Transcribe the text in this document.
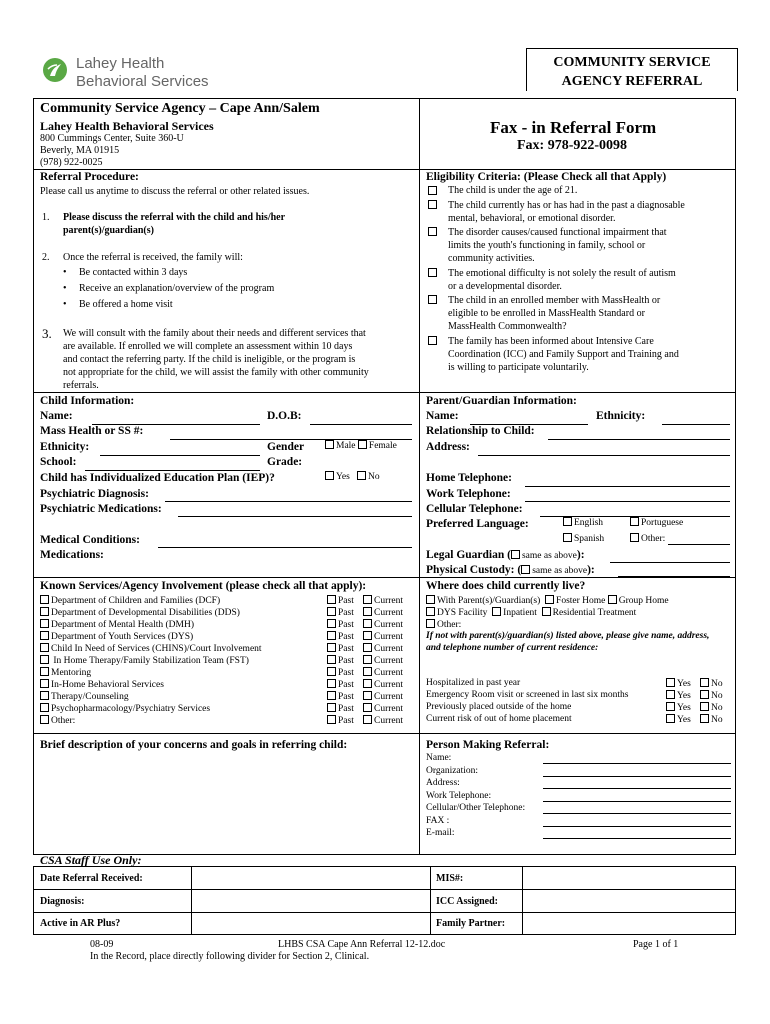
Lahey Health
Behavioral Services
COMMUNITY SERVICE
AGENCY REFERRAL
Community Service Agency – Cape Ann/Salem
Lahey Health Behavioral Services
800 Cummings Center, Suite 360-U
Beverly, MA 01915
(978) 922-0025
Fax - in Referral Form
Fax: 978-922-0098
Referral Procedure:
Please call us anytime to discuss the referral or other related issues.
1. Please discuss the referral with the child and his/her
parent(s)/guardian(s)
2. Once the referral is received, the family will:
•     Be contacted within 3 days
•     Receive an explanation/overview of the program
•     Be offered a home visit
3. We will consult with the family about their needs and different services that
are available. If enrolled we will complete an assessment within 10 days
and contact the referring party. If the child is ineligible, or the program is
not appropriate for the child, we will assist the family with other community
referrals.
Eligibility Criteria: (Please Check all that Apply)
The child is under the age of 21.
The child currently has or has had in the past a diagnosable
mental, behavioral, or emotional disorder.
The disorder causes/caused functional impairment that
limits the youth's functioning in family, school or
community activities.
The emotional difficulty is not solely the result of autism
or a developmental disorder.
The child in an enrolled member with MassHealth or
eligible to be enrolled in MassHealth Standard or
MassHealth Commonwealth?
The family has been informed about Intensive Care
Coordination (ICC) and Family Support and Training and
is willing to participate voluntarily.
Child Information:
Name:	D.O.B:
Mass Health or SS #:
Ethnicity:	Gender	Male Female
School:	Grade:
Child has Individualized Education Plan (IEP)?	Yes No
Psychiatric Diagnosis:
Psychiatric Medications:
Medical Conditions:
Medications:
Parent/Guardian Information:
Name:	Ethnicity:
Relationship to Child:
Address:
Home Telephone:
Work Telephone:
Cellular Telephone:
Preferred Language:	English	Portuguese
Spanish	Other:
Legal Guardian ( same as above):
Physical Custody: ( same as above):
Known Services/Agency Involvement (please check all that apply):
Department of Children and Families (DCF)	Past	Current
Department of Developmental Disabilities (DDS)	Past	Current
Department of Mental Health (DMH)	Past	Current
Department of Youth Services (DYS)	Past	Current
Child In Need of Services (CHINS)/Court Involvement	Past	Current
In Home Therapy/Family Stabilization Team (FST)	Past	Current
Mentoring	Past	Current
In-Home Behavioral Services	Past	Current
Therapy/Counseling	Past	Current
Psychopharmacology/Psychiatry Services	Past	Current
Other:	Past	Current
Where does child currently live?
With Parent(s)/Guardian(s) Foster Home Group Home
DYS Facility Inpatient Residential Treatment
Other:
If not with parent(s)/guardian(s) listed above, please give name, address,
and telephone number of current residence:
Hospitalized in past year	Yes	No
Emergency Room visit or screened in last six months	Yes	No
Previously placed outside of the home	Yes	No
Current risk of out of home placement	Yes	No
Brief description of your concerns and goals in referring child:	Person Making Referral:
Name:
Organization:
Address:
Work Telephone:
Cellular/Other Telephone:
FAX :
E-mail:
CSA Staff Use Only:
Date Referral Received:	MIS#:
Diagnosis:	ICC Assigned:
Active in AR Plus?	Family Partner:
08-09	LHBS CSA Cape Ann Referral 12-12.doc	Page 1 of 1
In the Record, place directly following divider for Section 2, Clinical.
